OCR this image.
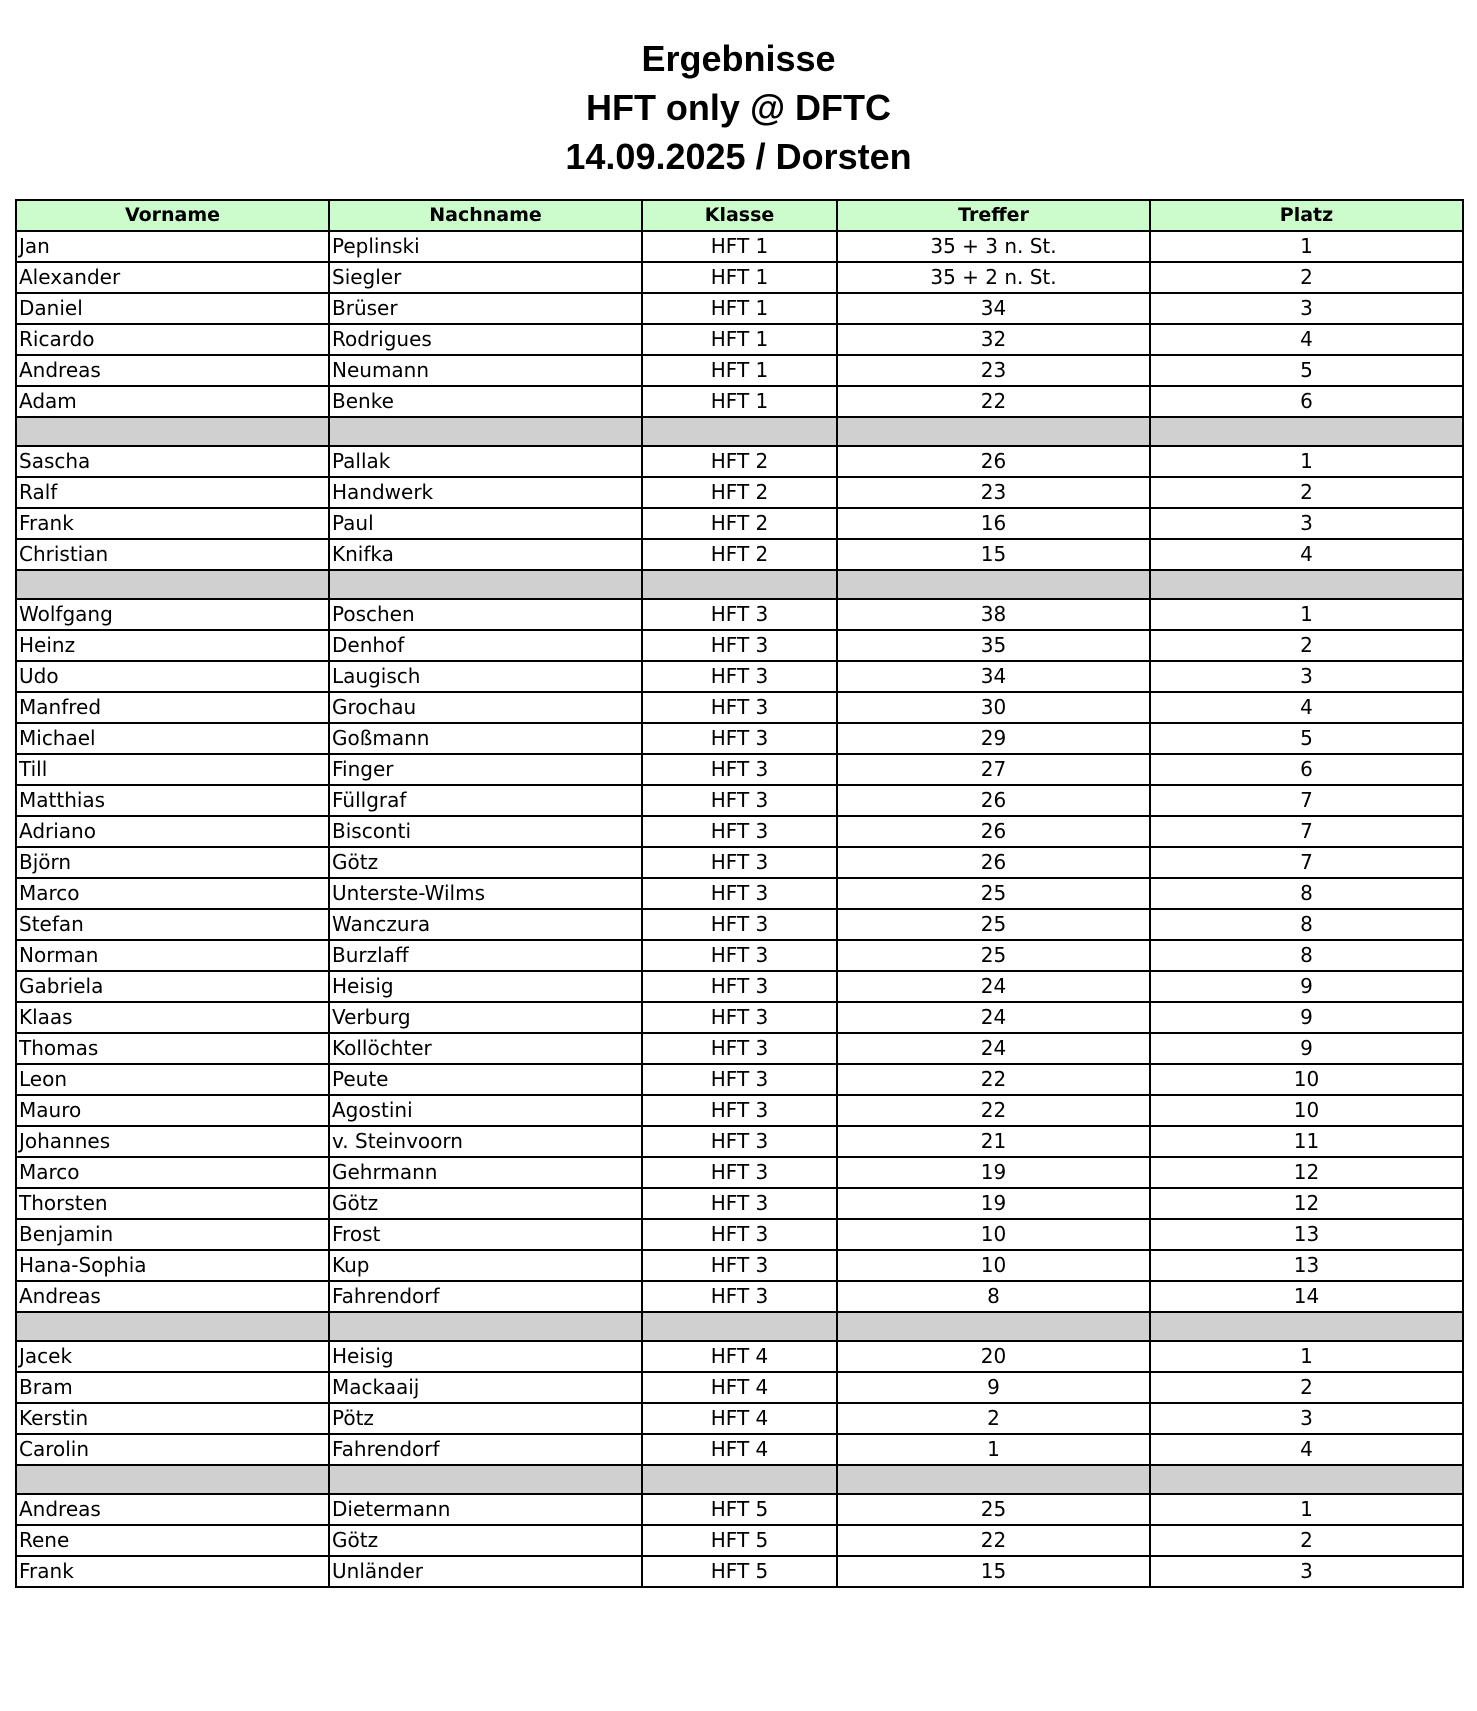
Ergebnisse
HFT only @ DFTC
14.09.2025 / Dorsten
Vorname	Nachname	Klasse	Treffer	Platz
Jan	Peplinski	HFT 1	35 + 3 n. St.	1
Alexander	Siegler	HFT 1	35 + 2 n. St.	2
Daniel	Brüser	HFT 1	34	3
Ricardo	Rodrigues	HFT 1	32	4
Andreas	Neumann	HFT 1	23	5
Adam	Benke	HFT 1	22	6

Sascha	Pallak	HFT 2	26	1
Ralf	Handwerk	HFT 2	23	2
Frank	Paul	HFT 2	16	3
Christian	Knifka	HFT 2	15	4

Wolfgang	Poschen	HFT 3	38	1
Heinz	Denhof	HFT 3	35	2
Udo	Laugisch	HFT 3	34	3
Manfred	Grochau	HFT 3	30	4
Michael	Goßmann	HFT 3	29	5
Till	Finger	HFT 3	27	6
Matthias	Füllgraf	HFT 3	26	7
Adriano	Bisconti	HFT 3	26	7
Björn	Götz	HFT 3	26	7
Marco	Unterste-Wilms	HFT 3	25	8
Stefan	Wanczura	HFT 3	25	8
Norman	Burzlaff	HFT 3	25	8
Gabriela	Heisig	HFT 3	24	9
Klaas	Verburg	HFT 3	24	9
Thomas	Kollöchter	HFT 3	24	9
Leon	Peute	HFT 3	22	10
Mauro	Agostini	HFT 3	22	10
Johannes	v. Steinvoorn	HFT 3	21	11
Marco	Gehrmann	HFT 3	19	12
Thorsten	Götz	HFT 3	19	12
Benjamin	Frost	HFT 3	10	13
Hana-Sophia	Kup	HFT 3	10	13
Andreas	Fahrendorf	HFT 3	8	14

Jacek	Heisig	HFT 4	20	1
Bram	Mackaaij	HFT 4	9	2
Kerstin	Pötz	HFT 4	2	3
Carolin	Fahrendorf	HFT 4	1	4

Andreas	Dietermann	HFT 5	25	1
Rene	Götz	HFT 5	22	2
Frank	Unländer	HFT 5	15	3
